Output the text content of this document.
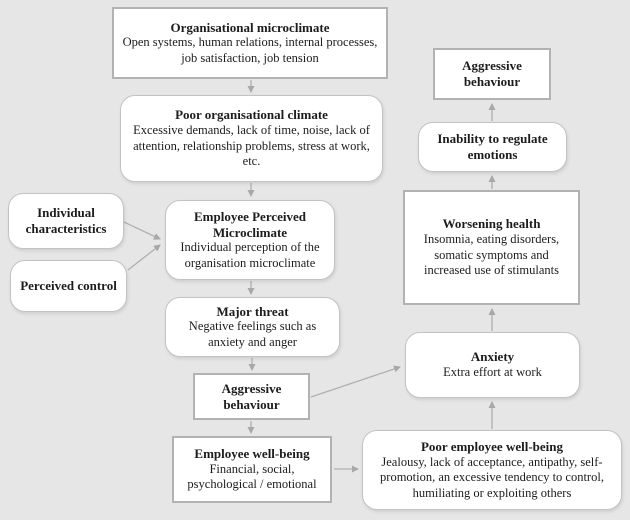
Organisational microclimate
Open systems, human relations, internal processes, job satisfaction, job tension
Poor organisational climate
Excessive demands, lack of time, noise, lack of attention, relationship problems, stress at work, etc.
Individual characteristics
Perceived control
Employee Perceived Microclimate
Individual perception of the organisation microclimate
Major threat
Negative feelings such as anxiety and anger
Aggressive behaviour
Employee well-being
Financial, social, psychological / emotional
Poor employee well-being
Jealousy, lack of acceptance, antipathy, self-promotion, an excessive tendency to control, humiliating or exploiting others
Anxiety
Extra effort at work
Worsening health
Insomnia, eating disorders, somatic symptoms and increased use of stimulants
Inability to regulate emotions
Aggressive behaviour
